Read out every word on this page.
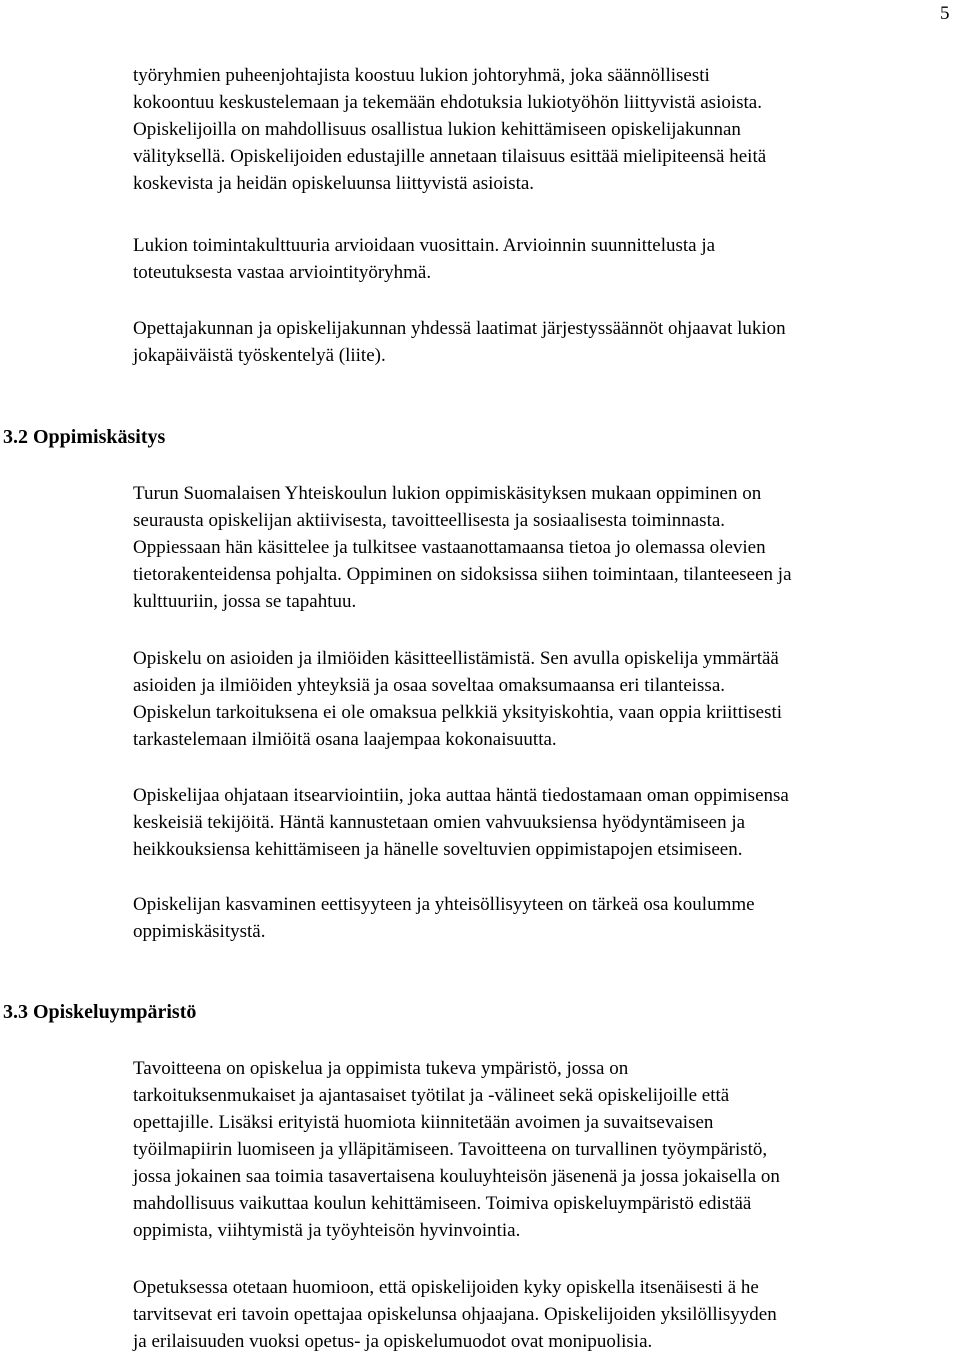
5

työryhmien puheenjohtajista koostuu lukion johtoryhmä, joka säännöllisesti
kokoontuu keskustelemaan ja tekemään ehdotuksia lukiotyöhön liittyvistä asioista.
Opiskelijoilla on mahdollisuus osallistua lukion kehittämiseen opiskelijakunnan
välityksellä. Opiskelijoiden edustajille annetaan tilaisuus esittää mielipiteensä heitä
koskevista ja heidän opiskeluunsa liittyvistä asioista.

Lukion toimintakulttuuria arvioidaan vuosittain. Arvioinnin suunnittelusta ja
toteutuksesta vastaa arviointityöryhmä.

Opettajakunnan ja opiskelijakunnan yhdessä laatimat järjestyssäännöt ohjaavat lukion
jokapäiväistä työskentelyä (liite).

3.2 Oppimiskäsitys

Turun Suomalaisen Yhteiskoulun lukion oppimiskäsityksen mukaan oppiminen on
seurausta opiskelijan aktiivisesta, tavoitteellisesta ja sosiaalisesta toiminnasta.
Oppiessaan hän käsittelee ja tulkitsee vastaanottamaansa tietoa jo olemassa olevien
tietorakenteidensa pohjalta. Oppiminen on sidoksissa siihen toimintaan, tilanteeseen ja
kulttuuriin, jossa se tapahtuu.

Opiskelu on asioiden ja ilmiöiden käsitteellistämistä. Sen avulla opiskelija ymmärtää
asioiden ja ilmiöiden yhteyksiä ja osaa soveltaa omaksumaansa eri tilanteissa.
Opiskelun tarkoituksena ei ole omaksua pelkkiä yksityiskohtia, vaan oppia kriittisesti
tarkastelemaan ilmiöitä osana laajempaa kokonaisuutta.

Opiskelijaa ohjataan itsearviointiin, joka auttaa häntä tiedostamaan oman oppimisensa
keskeisiä tekijöitä. Häntä kannustetaan omien vahvuuksiensa hyödyntämiseen ja
heikkouksiensa kehittämiseen ja hänelle soveltuvien oppimistapojen etsimiseen.

Opiskelijan kasvaminen eettisyyteen ja yhteisöllisyyteen on tärkeä osa koulumme
oppimiskäsitystä.

3.3 Opiskeluympäristö

Tavoitteena on opiskelua ja oppimista tukeva ympäristö, jossa on
tarkoituksenmukaiset ja ajantasaiset työtilat ja -välineet sekä opiskelijoille että
opettajille. Lisäksi erityistä huomiota kiinnitetään avoimen ja suvaitsevaisen
työilmapiirin luomiseen ja ylläpitämiseen. Tavoitteena on turvallinen työympäristö,
jossa jokainen saa toimia tasavertaisena kouluyhteisön jäsenenä ja jossa jokaisella on
mahdollisuus vaikuttaa koulun kehittämiseen. Toimiva opiskeluympäristö edistää
oppimista, viihtymistä ja työyhteisön hyvinvointia.

Opetuksessa otetaan huomioon, että opiskelijoiden kyky opiskella itsenäisesti ä he
tarvitsevat eri tavoin opettajaa opiskelunsa ohjaajana. Opiskelijoiden yksilöllisyyden
ja erilaisuuden vuoksi opetus- ja opiskelumuodot ovat monipuolisia.
